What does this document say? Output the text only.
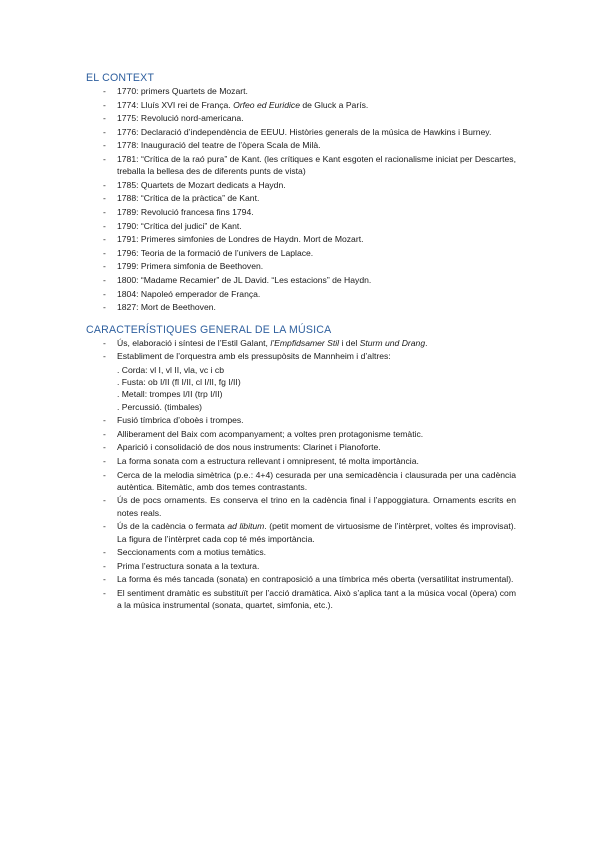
EL CONTEXT
- 1770: primers Quartets de Mozart.
- 1774: Lluís XVI rei de França. Orfeo ed Euridice de Gluck a París.
- 1775: Revolució nord-americana.
- 1776: Declaració d’independència de EEUU. Històries generals de la música de Hawkins i Burney.
- 1778: Inauguració del teatre de l’òpera Scala de Milà.
- 1781: “Crítica de la raó pura” de Kant. (les crítiques e Kant esgoten el racionalisme iniciat per Descartes, treballa la bellesa des de diferents punts de vista)
- 1785: Quartets de Mozart dedicats a Haydn.
- 1788: “Crítica de la pràctica” de Kant.
- 1789: Revolució francesa fins 1794.
- 1790: “Crítica del judici” de Kant.
- 1791: Primeres simfonies de Londres de Haydn. Mort de Mozart.
- 1796: Teoria de la formació de l’univers de Laplace.
- 1799: Primera simfonia de Beethoven.
- 1800: “Madame Recamier” de JL David. “Les estacions” de Haydn.
- 1804: Napoleó emperador de França.
- 1827: Mort de Beethoven.
CARACTERÍSTIQUES GENERAL DE LA MÚSICA
- Ús, elaboració i síntesi de l’Estil Galant, l’Empfidsamer Stil i del Sturm und Drang.
- Establiment de l’orquestra amb els pressupòsits de Mannheim i d’altres:
. Corda: vl I, vl II, vla, vc i cb
. Fusta: ob I/II (fl I/II, cl I/II, fg I/II)
. Metall: trompes I/II (trp I/II)
. Percussió. (timbales)
- Fusió tímbrica d’oboès i trompes.
- Alliberament del Baix com acompanyament; a voltes pren protagonisme temàtic.
- Aparició i consolidació de dos nous instruments: Clarinet i Pianoforte.
- La forma sonata com a estructura rellevant i omnipresent, té molta importància.
- Cerca de la melodia simètrica (p.e.: 4+4) cesurada per una semicadència i clausurada per una cadència autèntica. Bitemàtic, amb dos temes contrastants.
- Ús de pocs ornaments. Es conserva el trino en la cadència final i l’appoggiatura. Ornaments escrits en notes reals.
- Ús de la cadència o fermata ad libitum. (petit moment de virtuosisme de l’intèrpret, voltes és improvisat). La figura de l’intèrpret cada cop té més importància.
- Seccionaments com a motius temàtics.
- Prima l’estructura sonata a la textura.
- La forma és més tancada (sonata) en contraposició a una tímbrica més oberta (versatilitat instrumental).
- El sentiment dramàtic es substituït per l’acció dramàtica. Això s’aplica tant a la música vocal (òpera) com a la música instrumental (sonata, quartet, simfonia, etc.).
